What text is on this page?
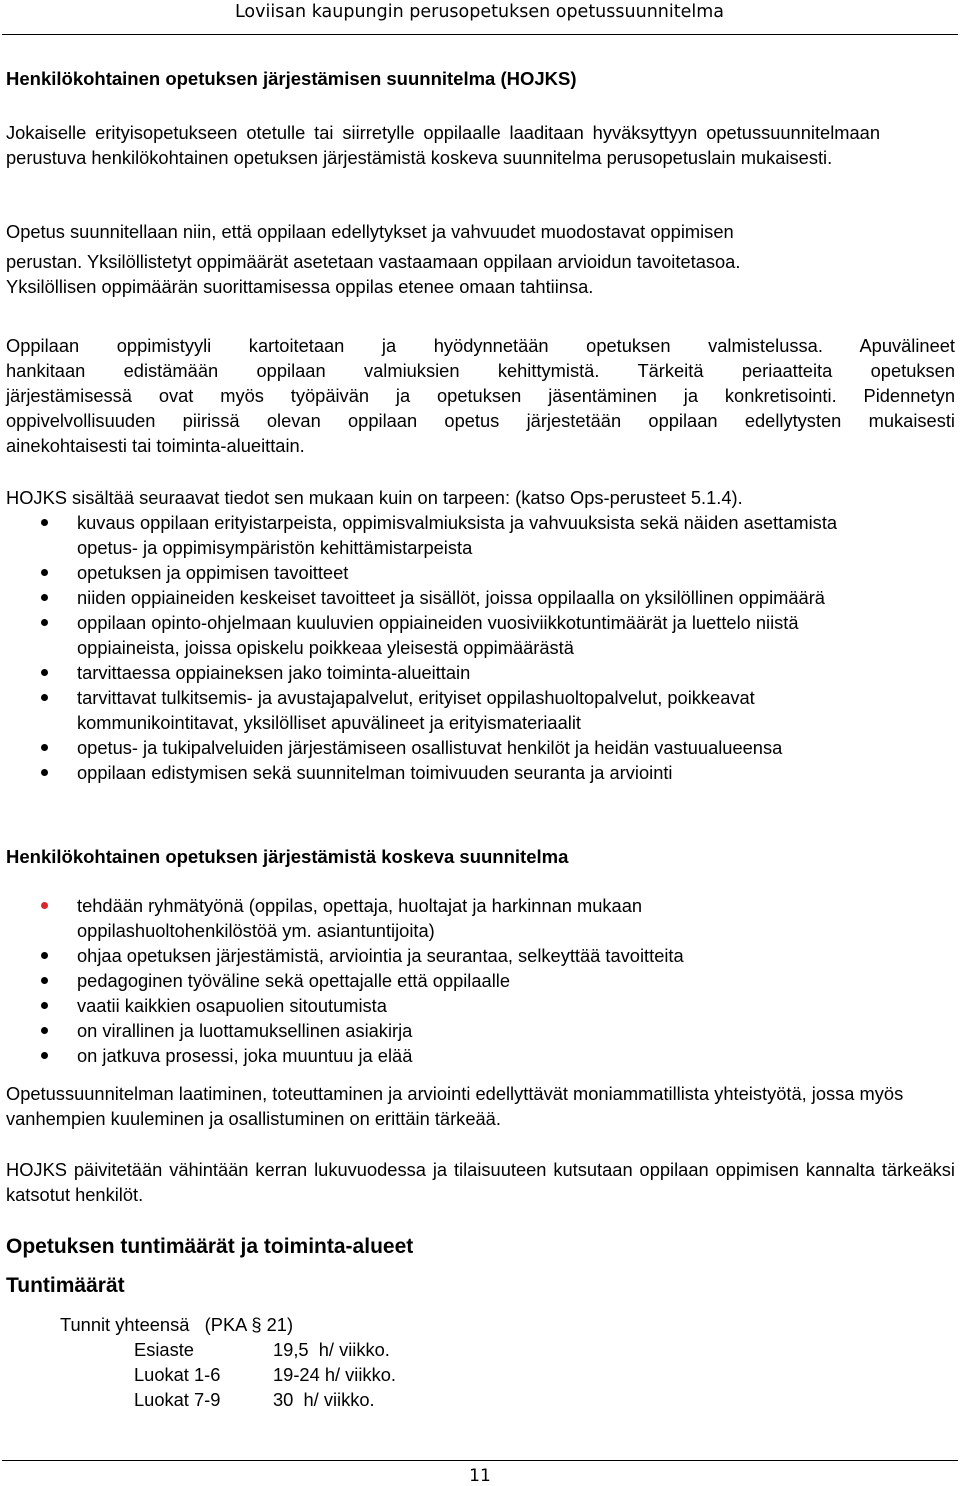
Loviisan kaupungin perusopetuksen opetussuunnitelma
Henkilökohtainen opetuksen järjestämisen suunnitelma (HOJKS)

Jokaiselle erityisopetukseen otetulle tai siirretylle oppilaalle laaditaan hyväksyttyyn opetussuunnitelmaan perustuva henkilökohtainen opetuksen järjestämistä koskeva suunnitelma perusopetuslain mukaisesti.

Opetus suunnitellaan niin, että oppilaan edellytykset ja vahvuudet muodostavat oppimisen
perustan. Yksilöllistetyt oppimäärät asetetaan vastaamaan oppilaan arvioidun tavoitetasoa.
Yksilöllisen oppimäärän suorittamisessa oppilas etenee omaan tahtiinsa.

Oppilaan oppimistyyli kartoitetaan ja hyödynnetään opetuksen valmistelussa. Apuvälineet
hankitaan edistämään oppilaan valmiuksien kehittymistä. Tärkeitä periaatteita opetuksen
järjestämisessä ovat myös työpäivän ja opetuksen jäsentäminen ja konkretisointi. Pidennetyn
oppivelvollisuuden piirissä olevan oppilaan opetus järjestetään oppilaan edellytysten mukaisesti
ainekohtaisesti tai toiminta-alueittain.

HOJKS sisältää seuraavat tiedot sen mukaan kuin on tarpeen: (katso Ops-perusteet 5.1.4).

kuvaus oppilaan erityistarpeista, oppimisvalmiuksista ja vahvuuksista sekä näiden asettamista opetus- ja oppimisympäristön kehittämistarpeista
opetuksen ja oppimisen tavoitteet
niiden oppiaineiden keskeiset tavoitteet ja sisällöt, joissa oppilaalla on yksilöllinen oppimäärä
oppilaan opinto-ohjelmaan kuuluvien oppiaineiden vuosiviikkotuntimäärät ja luettelo niistä oppiaineista, joissa opiskelu poikkeaa yleisestä oppimäärästä
tarvittaessa oppiaineksen jako toiminta-alueittain
tarvittavat tulkitsemis- ja avustajapalvelut, erityiset oppilashuoltopalvelut, poikkeavat kommunikointitavat, yksilölliset apuvälineet ja erityismateriaalit
opetus- ja tukipalveluiden järjestämiseen osallistuvat henkilöt ja heidän vastuualueensa
oppilaan edistymisen sekä suunnitelman toimivuuden seuranta ja arviointi
Henkilökohtainen opetuksen järjestämistä koskeva suunnitelma
tehdään ryhmätyönä (oppilas, opettaja, huoltajat ja harkinnan mukaan oppilashuoltohenkilöstöä ym. asiantuntijoita)
ohjaa opetuksen järjestämistä, arviointia ja seurantaa, selkeyttää tavoitteita
pedagoginen työväline sekä opettajalle että oppilaalle
vaatii kaikkien osapuolien sitoutumista
on virallinen ja luottamuksellinen asiakirja
on jatkuva prosessi, joka muuntuu ja elää

Opetussuunnitelman laatiminen, toteuttaminen ja arviointi edellyttävät moniammatillista yhteistyötä, jossa myös vanhempien kuuleminen ja osallistuminen on erittäin tärkeää.

HOJKS päivitetään vähintään kerran lukuvuodessa ja tilaisuuteen kutsutaan oppilaan oppimisen kannalta tärkeäksi katsotut henkilöt.

Opetuksen tuntimäärät ja toiminta-alueet
Tuntimäärät
Tunnit yhteensä (PKA § 21)
Esiaste	19,5  h/ viikko.
Luokat 1-6	19-24 h/ viikko.
Luokat 7-9	30  h/ viikko.
11
